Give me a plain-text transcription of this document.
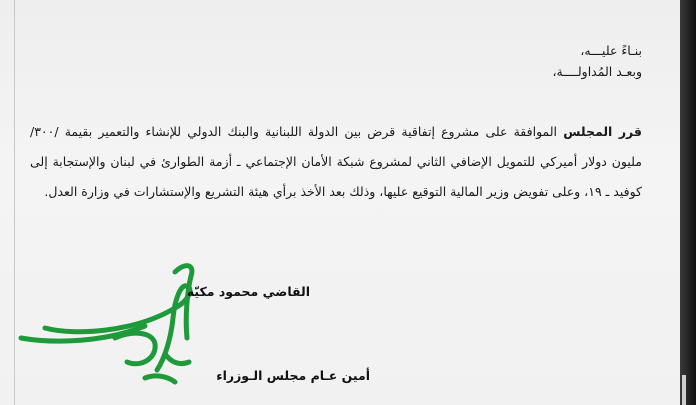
بنـاءً عليـــه،

وبعـد المُداولــــة،

قرر المجلس الموافقة على مشروع إتفاقية قرض بين الدولة اللبنانية والبنك الدولي للإنشاء والتعمير بقيمة /٣٠٠/ مليون دولار أميركي للتمويل الإضافي الثاني لمشروع شبكة الأمان الإجتماعي ـ أزمة الطوارئ في لبنان والإستجابة إلى كوفيد ـ ١٩، وعلى تفويض وزير المالية التوقيع عليها، وذلك بعد الأخذ برأي هيئة التشريع والإستشارات في وزارة العدل.

القاضي محمود مكيّه
أمين عـام مجلس الـوزراء
